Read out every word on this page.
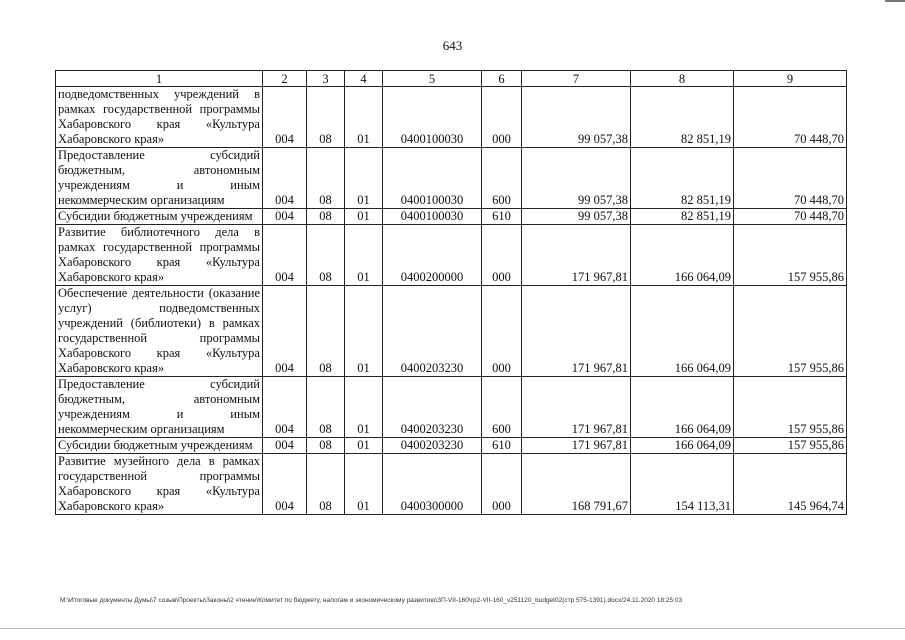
643
1	2	3	4	5	6	7	8	9
подведомственных учреждений в рамках государственной программы Хабаровского края «Культура Хабаровского края»	004	08	01	0400100030	000	99 057,38	82 851,19	70 448,70
Предоставление субсидий бюджетным, автономным учреждениям и иным некоммерческим организациям	004	08	01	0400100030	600	99 057,38	82 851,19	70 448,70
Субсидии бюджетным учреждениям	004	08	01	0400100030	610	99 057,38	82 851,19	70 448,70
Развитие библиотечного дела в рамках государственной программы Хабаровского края «Культура Хабаровского края»	004	08	01	0400200000	000	171 967,81	166 064,09	157 955,86
Обеспечение деятельности (оказание услуг) подведомственных учреждений (библиотеки) в рамках государственной программы Хабаровского края «Культура Хабаровского края»	004	08	01	0400203230	000	171 967,81	166 064,09	157 955,86
Предоставление субсидий бюджетным, автономным учреждениям и иным некоммерческим организациям	004	08	01	0400203230	600	171 967,81	166 064,09	157 955,86
Субсидии бюджетным учреждениям	004	08	01	0400203230	610	171 967,81	166 064,09	157 955,86
Развитие музейного дела в рамках государственной программы Хабаровского края «Культура Хабаровского края»	004	08	01	0400300000	000	168 791,67	154 113,31	145 964,74
М:\Итоговые документы Думы\7 созыв\Проекты\Законы\2 чтение\Комитет по бюджету, налогам и экономическому развитию\ЗП-VII-160\гр2-VII-160_v251120_budget02(стр 575-1391).docx/24.11.2020 18:25:03
